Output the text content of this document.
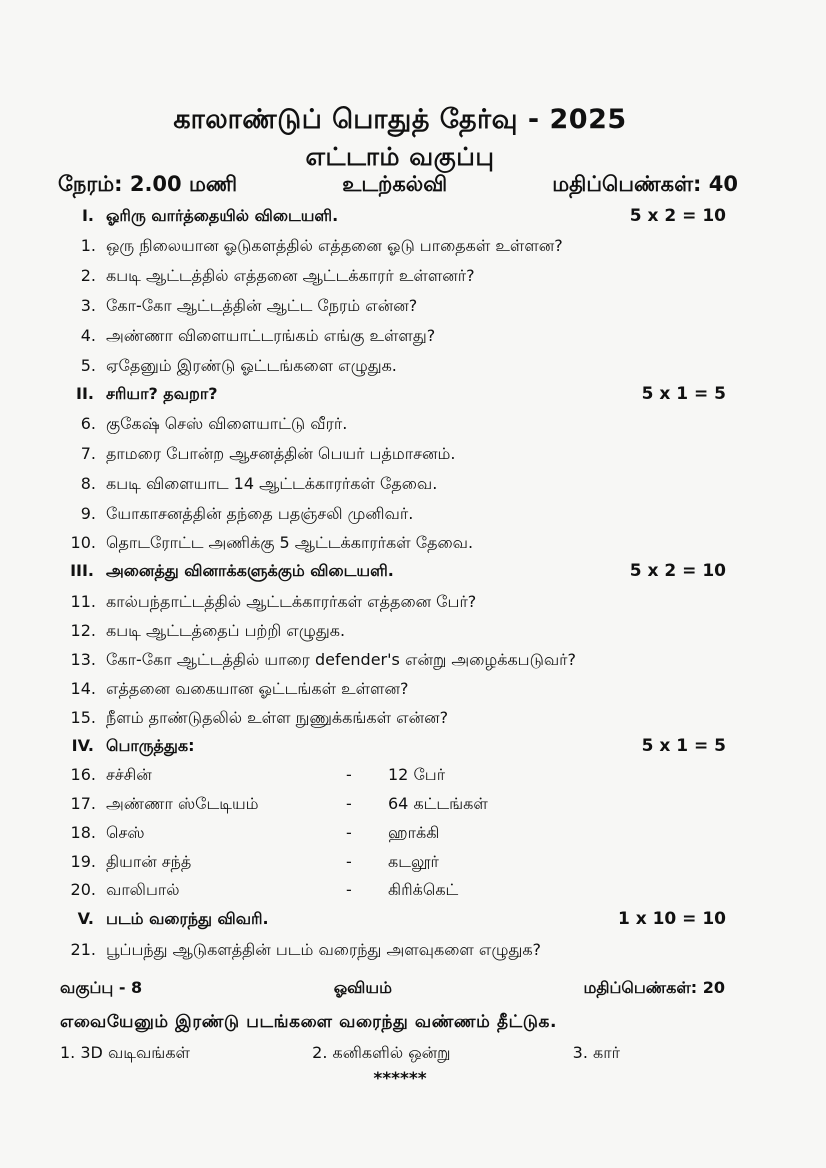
காலாண்டுப் பொதுத் தேர்வு - 2025
எட்டாம் வகுப்பு
நேரம்: 2.00 மணி	உடற்கல்வி	மதிப்பெண்கள்: 40
I. ஓரிரு வார்த்தையில் விடையளி.	5 x 2 = 10
1. ஒரு நிலையான ஓடுகளத்தில் எத்தனை ஓடு பாதைகள் உள்ளன?
2. கபடி ஆட்டத்தில் எத்தனை ஆட்டக்காரர் உள்ளனர்?
3. கோ-கோ ஆட்டத்தின் ஆட்ட நேரம் என்ன?
4. அண்ணா விளையாட்டரங்கம் எங்கு உள்ளது?
5. ஏதேனும் இரண்டு ஓட்டங்களை எழுதுக.
II. சரியா? தவறா?	5 x 1 = 5
6. குகேஷ் செஸ் விளையாட்டு வீரர்.
7. தாமரை போன்ற ஆசனத்தின் பெயர் பத்மாசனம்.
8. கபடி விளையாட 14 ஆட்டக்காரர்கள் தேவை.
9. யோகாசனத்தின் தந்தை பதஞ்சலி முனிவர்.
10. தொடரோட்ட அணிக்கு 5 ஆட்டக்காரர்கள் தேவை.
III. அனைத்து வினாக்களுக்கும் விடையளி.	5 x 2 = 10
11. கால்பந்தாட்டத்தில் ஆட்டக்காரர்கள் எத்தனை பேர்?
12. கபடி ஆட்டத்தைப் பற்றி எழுதுக.
13. கோ-கோ ஆட்டத்தில் யாரை defender's என்று அழைக்கபடுவர்?
14. எத்தனை வகையான ஓட்டங்கள் உள்ளன?
15. நீளம் தாண்டுதலில் உள்ள நுணுக்கங்கள் என்ன?
IV. பொருத்துக:	5 x 1 = 5
16. சச்சின்	- 12 பேர்
17. அண்ணா ஸ்டேடியம்	- 64 கட்டங்கள்
18. செஸ்	- ஹாக்கி
19. தியான் சந்த்	- கடலூர்
20. வாலிபால்	- கிரிக்கெட்
V. படம் வரைந்து விவரி.	1 x 10 = 10
21. பூப்பந்து ஆடுகளத்தின் படம் வரைந்து அளவுகளை எழுதுக?
வகுப்பு - 8	ஓவியம்	மதிப்பெண்கள்: 20
எவையேனும் இரண்டு படங்களை வரைந்து வண்ணம் தீட்டுக.
1. 3D வடிவங்கள்	2. கனிகளில் ஒன்று	3. கார்
******
